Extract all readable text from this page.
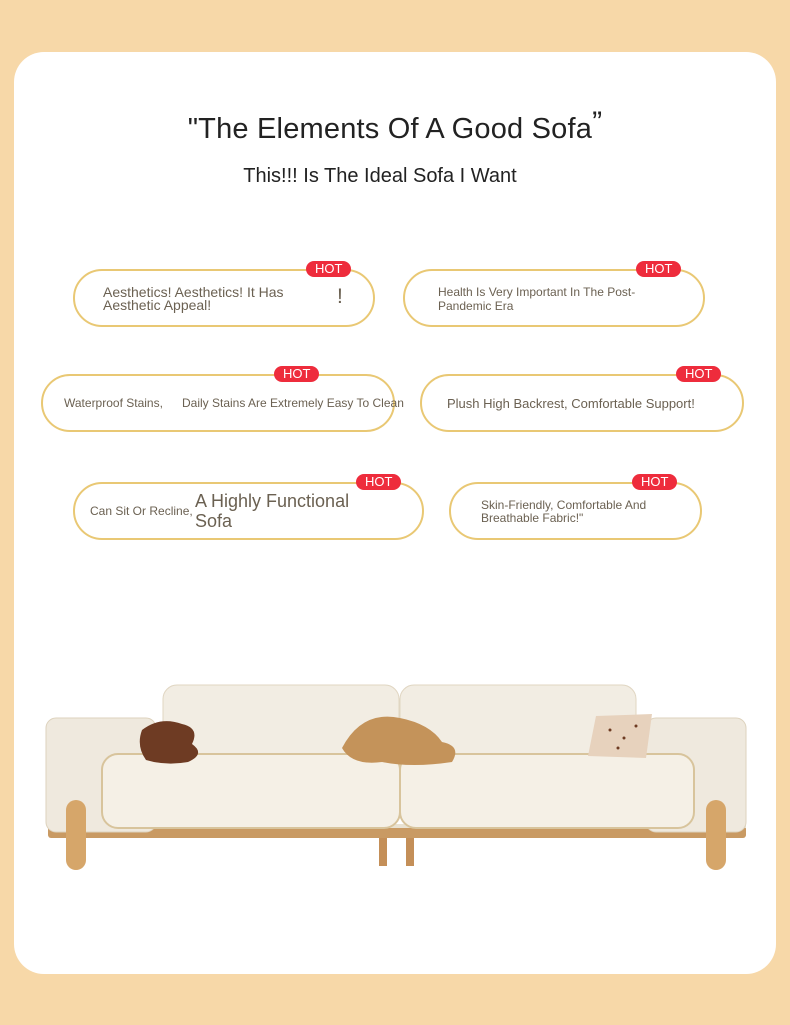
"The Elements Of A Good Sofa”
This!!! Is The Ideal Sofa I Want
HOT
Aesthetics! Aesthetics! It Has Aesthetic Appeal!	!
HOT
Health Is Very Important In The Post-Pandemic Era
HOT
Waterproof Stains, Daily Stains Are Extremely Easy To Clean
HOT
Plush High Backrest, Comfortable Support!
HOT
Can Sit Or Recline, A Highly Functional Sofa
HOT
Skin-Friendly, Comfortable And Breathable Fabric!"
